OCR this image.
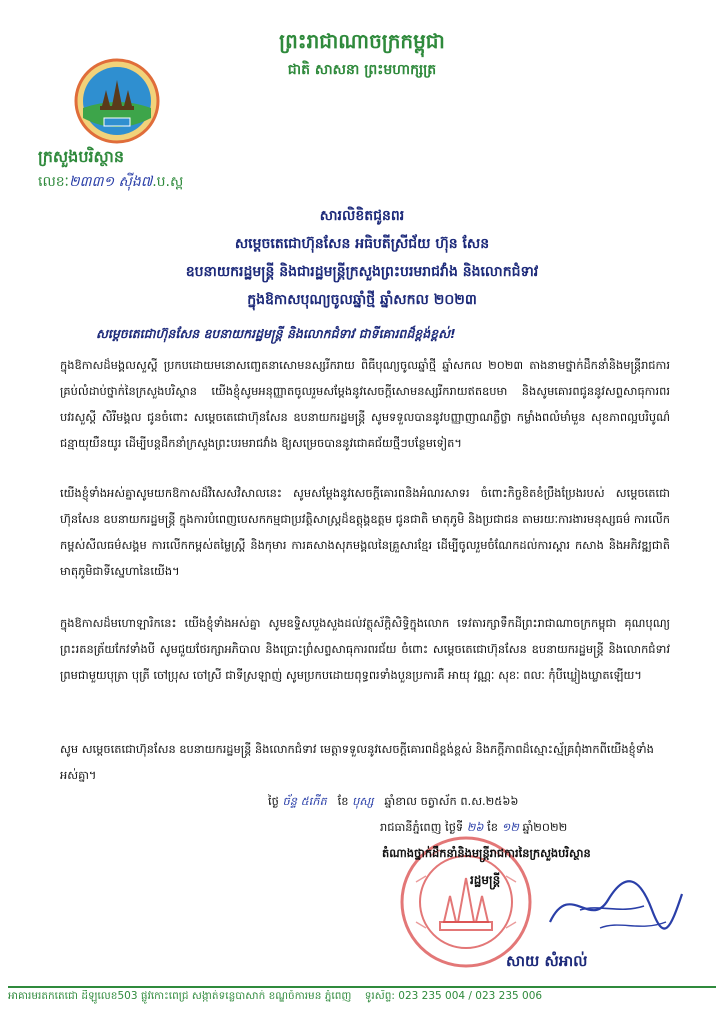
ព្រះរាជាណាចក្រកម្ពុជា
ជាតិ សាសនា ព្រះមហាក្សត្រ
ក្រសួងបរិស្ថាន
លេខៈ២៣៣១ ស៊ីង៧.ប.ស្ព
សារលិខិតជូនពរ
សម្តេចតេជោហ៊ុនសែន អធិបតីស្រីជ័យ ហ៊ុន សែន
ឧបនាយករដ្ឋមន្ត្រី និងជារដ្ឋមន្ត្រីក្រសួងព្រះបរមរាជវាំង និងលោកជំទាវ
ក្នុងឱកាសបុណ្យចូលឆ្នាំថ្មី ឆ្នាំសកល ២០២៣
សម្តេចតេជោហ៊ុនសែន ឧបនាយករដ្ឋមន្ត្រី និងលោកជំទាវ ជាទីគោរពដ៏ខ្ពង់ខ្ពស់!
ក្នុងឱកាសដ៏មង្គលសួស្តី ប្រកបដោយមនោសញ្ចេតនាសោមនស្សរីករាយ ពិធីបុណ្យចូលឆ្នាំថ្មី ឆ្នាំសកល ២០២៣ តាងនាមថ្នាក់ដឹកនាំនិងមន្ត្រីរាជការគ្រប់លំដាប់ថ្នាក់នៃក្រសួងបរិស្ថាន យើងខ្ញុំសូមអនុញ្ញាតចូលរួមសម្តែងនូវសេចក្តីសោមនស្សរីករាយឥតឧបមា និងសូមគោរពជូននូវសព្ទសាធុការពរ បវរសួស្តី សិរីមង្គល ជូនចំពោះ សម្តេចតេជោហ៊ុនសែន ឧបនាយករដ្ឋមន្ត្រី សូមទទួលបាននូវបញ្ញាញាណភ្លឺថ្លា កម្លាំងពលំមាំមួន សុខភាពល្អបរិបូណ៌ ជន្មាយុយឺនយូរ ដើម្បីបន្តដឹកនាំក្រសួងព្រះបរមរាជវាំង ឱ្យសម្រេចបាននូវជោគជ័យថ្មីៗបន្ថែមទៀត។
យើងខ្ញុំទាំងអស់គ្នាសូមយកឱកាសដ៏វិសេសវិសាលនេះ សូមសម្តែងនូវសេចក្តីគោរពនិងអំណរសាទរ ចំពោះកិច្ចខិតខំប្រឹងប្រែងរបស់ សម្តេចតេជោហ៊ុនសែន ឧបនាយករដ្ឋមន្ត្រី ក្នុងការបំពេញបេសកកម្មជាប្រវត្តិសាស្ត្រដ៏ឧត្តុង្គឧត្តម ជូនជាតិ មាតុភូមិ និងប្រជាជន តាមរយៈការងារមនុស្សធម៌ ការលើកកម្ពស់សីលធម៌សង្គម ការលើកកម្ពស់តម្លៃស្ត្រី និងកុមារ ការគសាងសុភមង្គលនៃគ្រួសារខ្មែរ ដើម្បីចូលរួមចំណែកដល់ការស្តារ កសាង និងអភិវឌ្ឍជាតិមាតុភូមិជាទីស្នេហានៃយើង។
ក្នុងឱកាសដ៏មហោឡារិកនេះ យើងខ្ញុំទាំងអស់គ្នា សូមឧទ្ទិសបួងសួងដល់វត្ថុស័ក្តិសិទ្ធិក្នុងលោក ទេវតារក្សាទឹកដីព្រះរាជាណាចក្រកម្ពុជា គុណបុណ្យព្រះរតនត្រ័យកែវទាំងបី សូមជួយថែរក្សាអភិបាល និងប្រោះព្រំសព្ទសាធុការពរជ័យ ចំពោះ សម្តេចតេជោហ៊ុនសែន ឧបនាយករដ្ឋមន្ត្រី និងលោកជំទាវ ព្រមជាមួយបុត្រា បុត្រី ចៅប្រុស ចៅស្រី ជាទីស្រឡាញ់ សូមប្រកបដោយពុទ្ធពរទាំងបួនប្រការគឺ អាយុ វណ្ណៈ សុខៈ ពលៈ កុំបីឃ្លៀងឃ្លាតឡើយ។
សូម សម្តេចតេជោហ៊ុនសែន ឧបនាយករដ្ឋមន្ត្រី និងលោកជំទាវ មេត្តាទទួលនូវសេចក្តីគោរពដ៏ខ្ពង់ខ្ពស់ និងភក្តីភាពដ៏ស្មោះស្ម័គ្រពុំងាកពីយើងខ្ញុំទាំងអស់គ្នា។
ថ្ងៃ ច័ន្ទ ៥កើត ខែ បុស្ស ឆ្នាំខាល ចត្វាស័ក ព.ស.២៥៦៦
រាជធានីភ្នំពេញ ថ្ងៃទី ២៦ ខែ ១២ ឆ្នាំ២០២២
តំណាងថ្នាក់ដឹកនាំនិងមន្ត្រីរាជការនៃក្រសួងបរិស្ថាន
រដ្ឋមន្ត្រី
សាយ សំអាល់
អាគារមរតកតេជោ ដីឡូលេខ503 ផ្លូវកោះពេជ្រ សង្កាត់ទន្លេបាសាក់ ខណ្ឌចំការមន ភ្នំពេញ ទូរស័ព្ទ: 023 235 004 / 023 235 006
